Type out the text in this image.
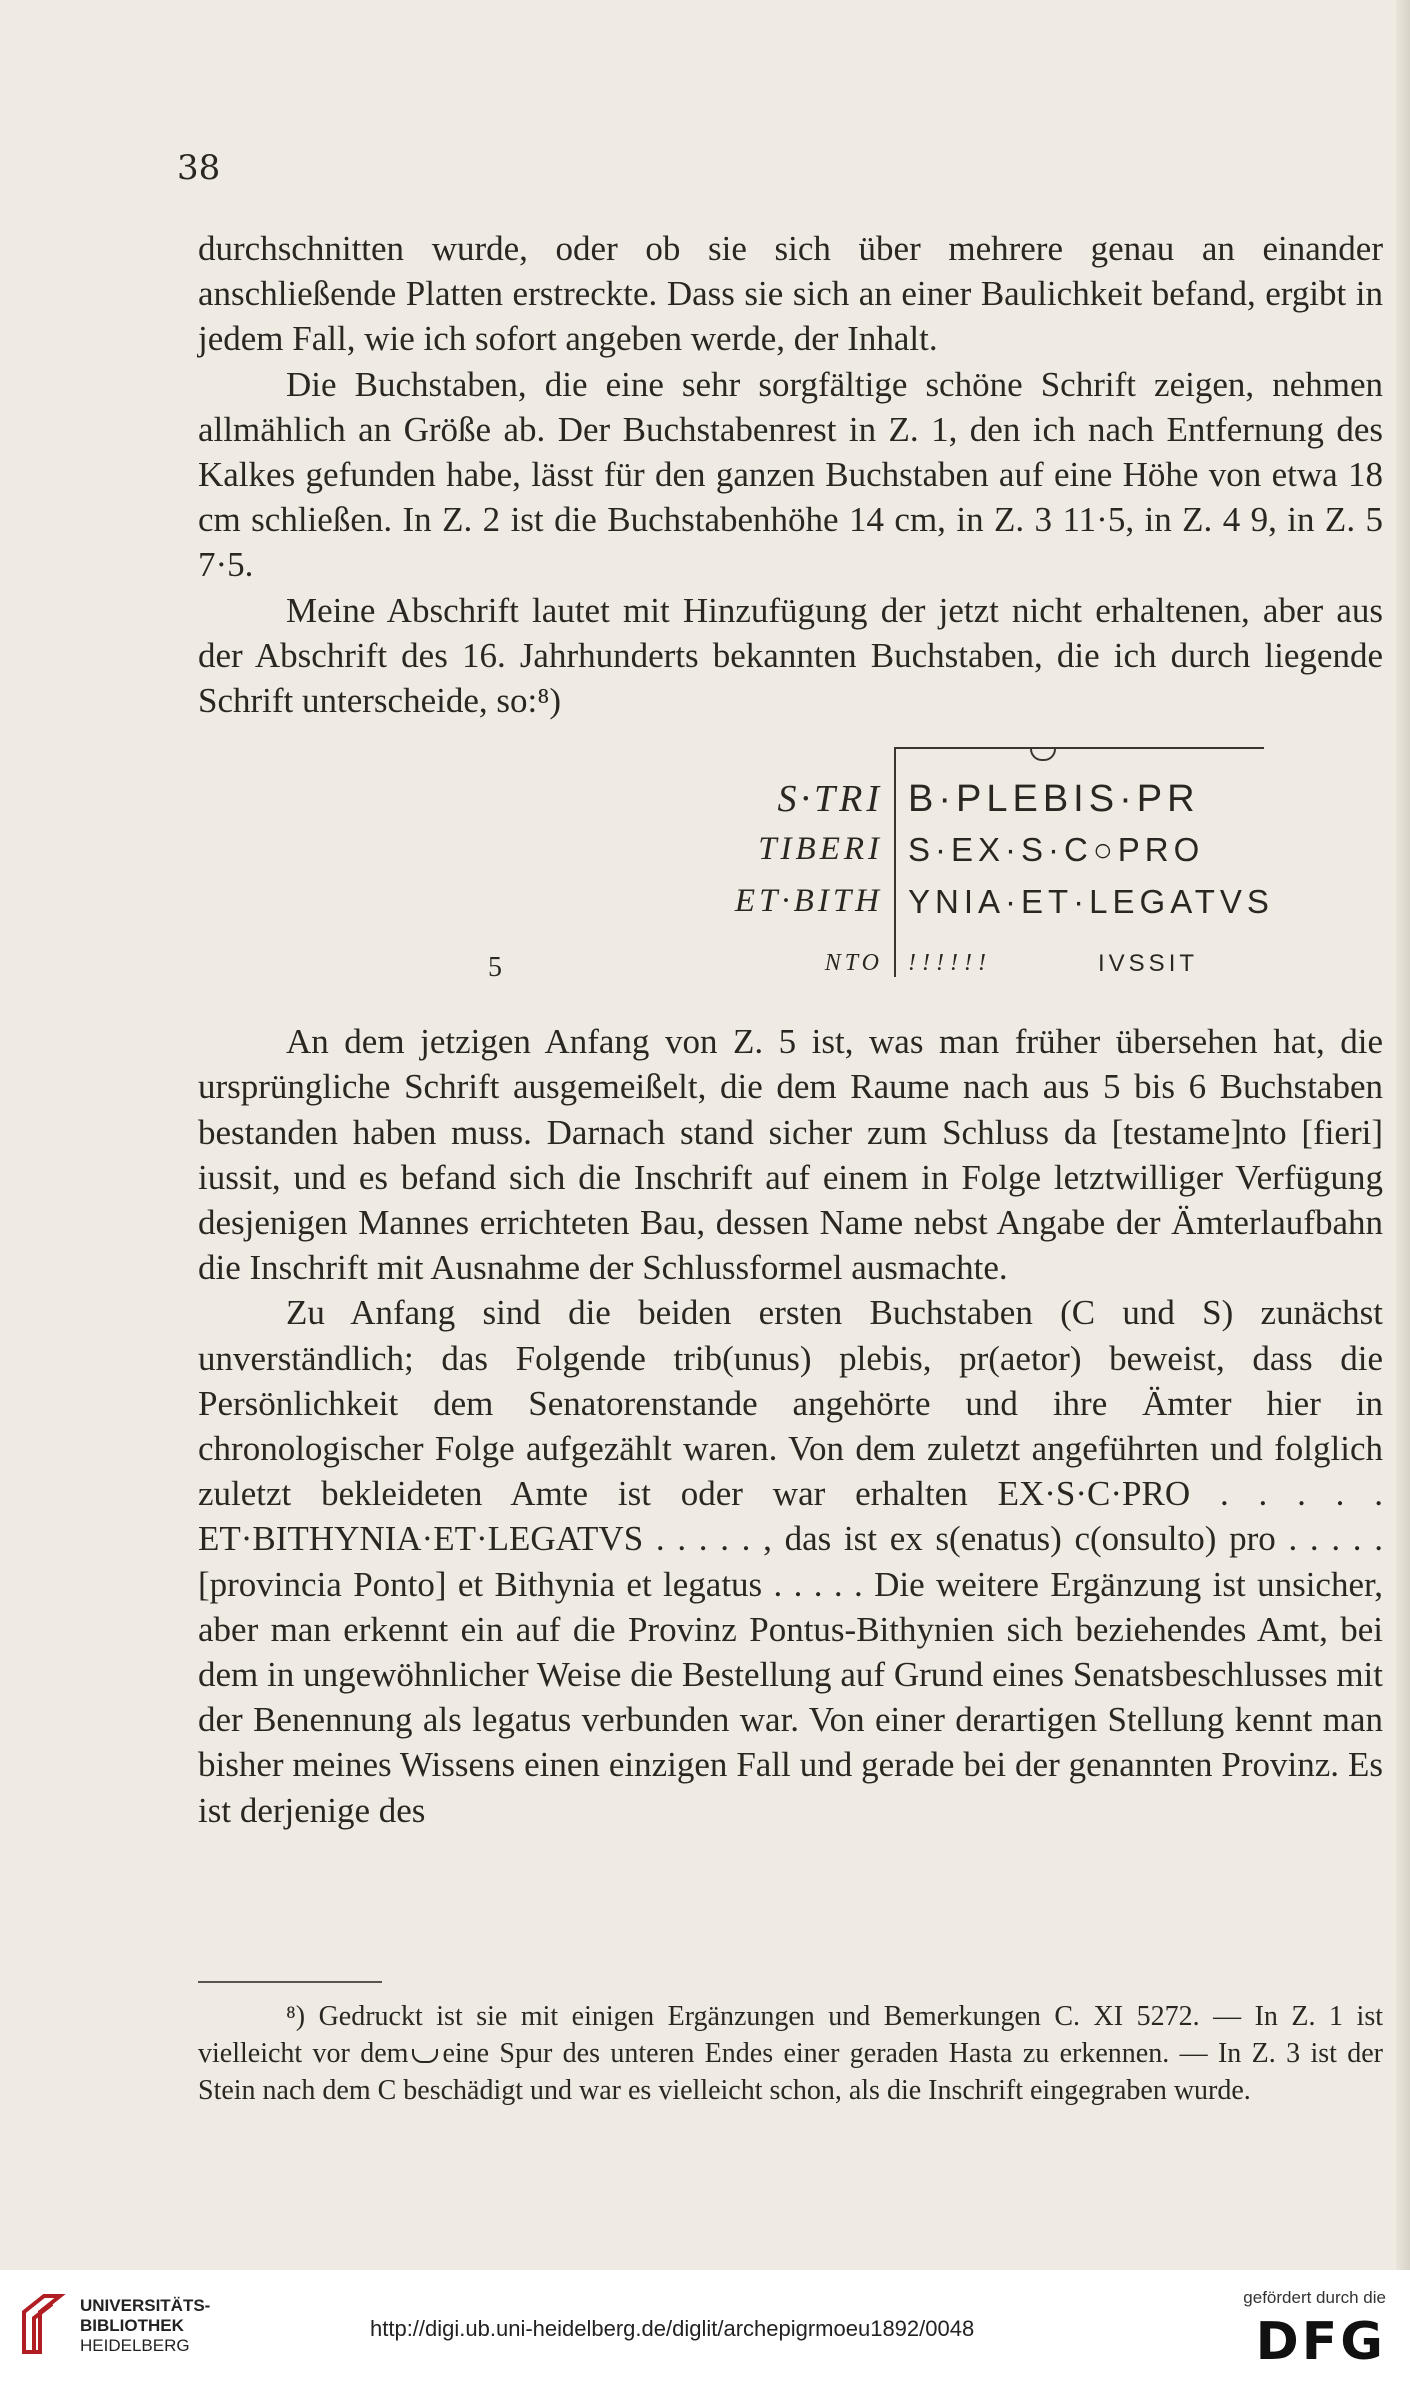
38

durchschnitten wurde, oder ob sie sich über mehrere genau an einander anschließende Platten erstreckte. Dass sie sich an einer Baulichkeit befand, ergibt in jedem Fall, wie ich sofort angeben werde, der Inhalt.

Die Buchstaben, die eine sehr sorgfältige schöne Schrift zeigen, nehmen allmählich an Größe ab. Der Buchstabenrest in Z. 1, den ich nach Entfernung des Kalkes gefunden habe, lässt für den ganzen Buchstaben auf eine Höhe von etwa 18 cm schließen. In Z. 2 ist die Buchstabenhöhe 14 cm, in Z. 3 11·5, in Z. 4 9, in Z. 5 7·5.

Meine Abschrift lautet mit Hinzufügung der jetzt nicht erhaltenen, aber aus der Abschrift des 16. Jahrhunderts bekannten Buchstaben, die ich durch liegende Schrift unterscheide, so:⁸)

S·TRI B·PLEBIS·PR
TIBERI S·EX·S·C○PRO
ET·BITH YNIA·ET·LEGATVS
5	NTO !!!!!!	IVSSIT

An dem jetzigen Anfang von Z. 5 ist, was man früher übersehen hat, die ursprüngliche Schrift ausgemeißelt, die dem Raume nach aus 5 bis 6 Buchstaben bestanden haben muss. Darnach stand sicher zum Schluss da [testame]nto [fieri] iussit, und es befand sich die Inschrift auf einem in Folge letztwilliger Verfügung desjenigen Mannes errichteten Bau, dessen Name nebst Angabe der Ämterlaufbahn die Inschrift mit Ausnahme der Schlussformel ausmachte.

Zu Anfang sind die beiden ersten Buchstaben (C und S) zunächst unverständlich; das Folgende trib(unus) plebis, pr(aetor) beweist, dass die Persönlichkeit dem Senatorenstande angehörte und ihre Ämter hier in chronologischer Folge aufgezählt waren. Von dem zuletzt angeführten und folglich zuletzt bekleideten Amte ist oder war erhalten EX·S·C·PRO . . . . . ET·BITHYNIA·ET·LEGATVS . . . . . , das ist ex s(enatus) c(onsulto) pro . . . . . [provincia Ponto] et Bithynia et legatus . . . . . Die weitere Ergänzung ist unsicher, aber man erkennt ein auf die Provinz Pontus-Bithynien sich beziehendes Amt, bei dem in ungewöhnlicher Weise die Bestellung auf Grund eines Senatsbeschlusses mit der Benennung als legatus verbunden war. Von einer derartigen Stellung kennt man bisher meines Wissens einen einzigen Fall und gerade bei der genannten Provinz. Es ist derjenige des

⁸) Gedruckt ist sie mit einigen Ergänzungen und Bemerkungen C. XI 5272. — In Z. 1 ist vielleicht vor dem eine Spur des unteren Endes einer geraden Hasta zu erkennen. — In Z. 3 ist der Stein nach dem C beschädigt und war es vielleicht schon, als die Inschrift eingegraben wurde.

UNIVERSITÄTS-
BIBLIOTHEK
HEIDELBERG
http://digi.ub.uni-heidelberg.de/diglit/archepigrmoeu1892/0048
gefördert durch die
DFG
